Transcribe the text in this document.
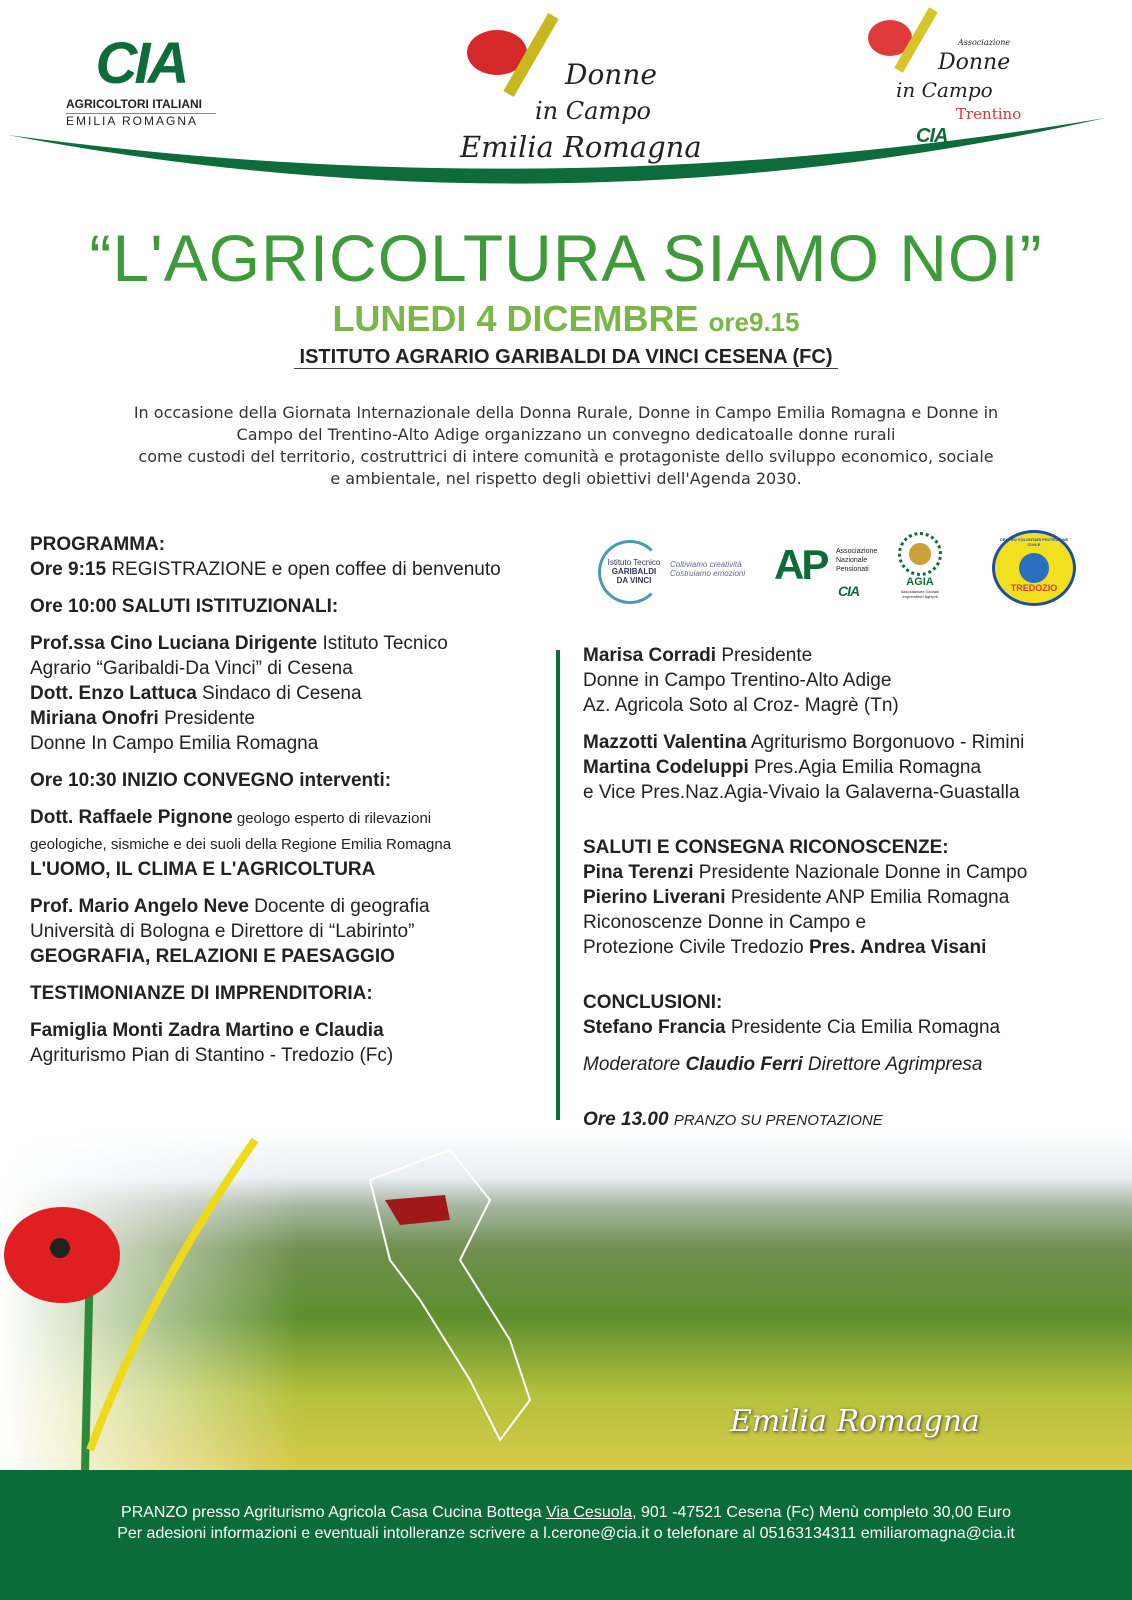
CIA
AGRICOLTORI ITALIANI
EMILIA ROMAGNA
Donne
in Campo
Emilia Romagna
Associazione
Donne
in Campo
Trentino
CIA
“L'AGRICOLTURA SIAMO NOI”
LUNEDI 4 DICEMBRE ore9.15
ISTITUTO AGRARIO GARIBALDI DA VINCI CESENA (FC)
In occasione della Giornata Internazionale della Donna Rurale, Donne in Campo Emilia Romagna e Donne in
Campo del Trentino-Alto Adige organizzano un convegno dedicatoalle donne rurali
come custodi del territorio, costruttrici di intere comunità e protagoniste dello sviluppo economico, sociale
e ambientale, nel rispetto degli obiettivi dell'Agenda 2030.
Istituto Tecnico
GARIBALDI
DA VINCI
Coltiviamo creatività
Costruiamo emozioni AP Associazione
Nazionale
Pensionati
CIA
AGIA
Associazione Giovani Imprenditori Agricoli
CENTRO VOLONTARI PROTEZIONE CIVILE
TREDOZIO
PROGRAMMA:
Ore 9:15 REGISTRAZIONE e open coffee di benvenuto
Ore 10:00 SALUTI ISTITUZIONALI:
Prof.ssa Cino Luciana Dirigente Istituto Tecnico
Agrario “Garibaldi-Da Vinci” di Cesena
Dott. Enzo Lattuca Sindaco di Cesena
Miriana Onofri Presidente
Donne In Campo Emilia Romagna
Ore 10:30 INIZIO CONVEGNO interventi:
Dott. Raffaele Pignone geologo esperto di rilevazioni
geologiche, sismiche e dei suoli della Regione Emilia Romagna
L'UOMO, IL CLIMA E L'AGRICOLTURA
Prof. Mario Angelo Neve Docente di geografia
Università di Bologna e Direttore di “Labirinto”
GEOGRAFIA, RELAZIONI E PAESAGGIO
TESTIMONIANZE DI IMPRENDITORIA:
Famiglia Monti Zadra Martino e Claudia
Agriturismo Pian di Stantino - Tredozio (Fc)
Marisa Corradi Presidente
Donne in Campo Trentino-Alto Adige
Az. Agricola Soto al Croz- Magrè (Tn)
Mazzotti Valentina Agriturismo Borgonuovo - Rimini
Martina Codeluppi Pres.Agia Emilia Romagna
e Vice Pres.Naz.Agia-Vivaio la Galaverna-Guastalla
SALUTI E CONSEGNA RICONOSCENZE:
Pina Terenzi Presidente Nazionale Donne in Campo
Pierino Liverani Presidente ANP Emilia Romagna
Riconoscenze Donne in Campo e
Protezione Civile Tredozio Pres. Andrea Visani
CONCLUSIONI:
Stefano Francia Presidente Cia Emilia Romagna
Moderatore Claudio Ferri Direttore Agrimpresa
Ore 13.00 PRANZO SU PRENOTAZIONE
Emilia Romagna
PRANZO presso Agriturismo Agricola Casa Cucina Bottega Via Cesuola, 901 -47521 Cesena (Fc) Menù completo 30,00 Euro
Per adesioni informazioni e eventuali intolleranze scrivere a l.cerone@cia.it o telefonare al 05163134311 emiliaromagna@cia.it
